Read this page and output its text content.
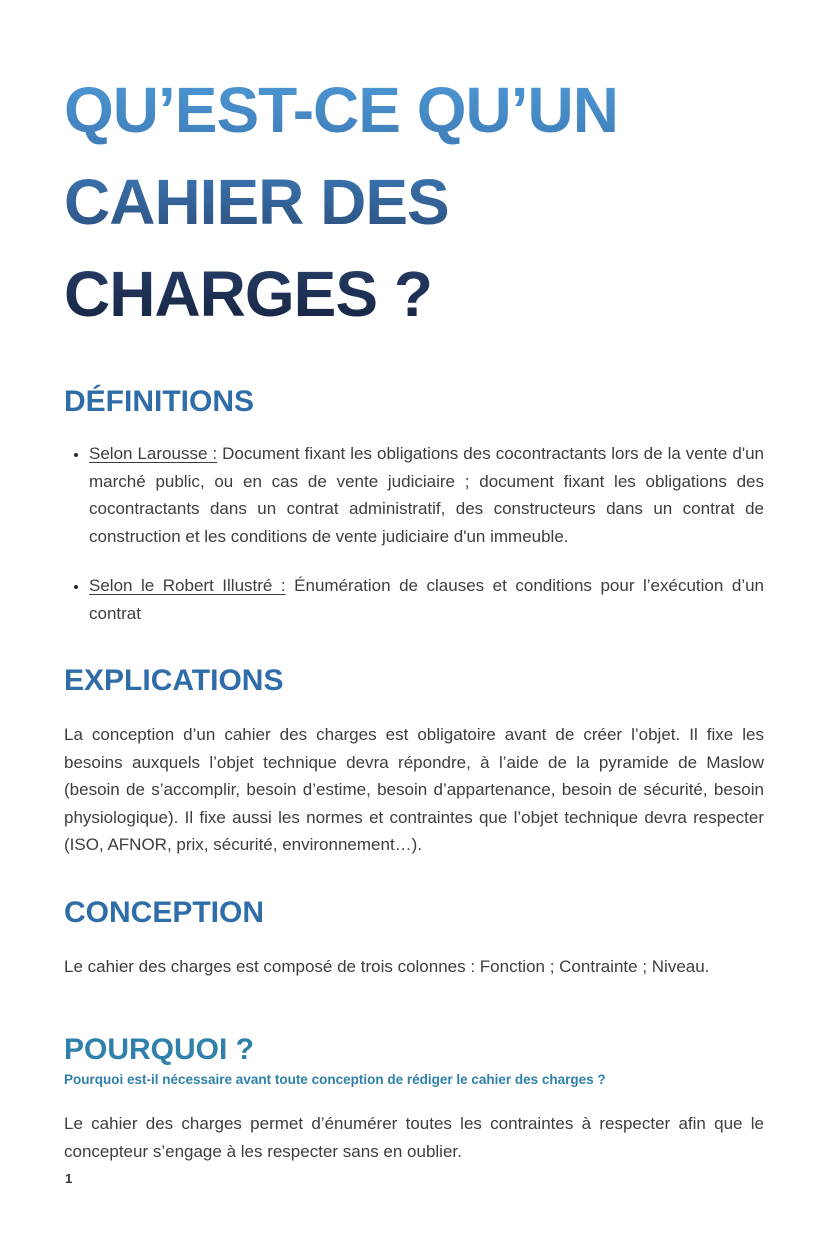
QU’EST-CE QU’UN
CAHIER DES
CHARGES ?
DÉFINITIONS
• Selon Larousse : Document fixant les obligations des cocontractants lors de la vente d'un marché public, ou en cas de vente judiciaire ; document fixant les obligations des cocontractants dans un contrat administratif, des constructeurs dans un contrat de construction et les conditions de vente judiciaire d'un immeuble.
• Selon le Robert Illustré : Énumération de clauses et conditions pour l’exécution d’un contrat
EXPLICATIONS

La conception d’un cahier des charges est obligatoire avant de créer l’objet. Il fixe les besoins auxquels l’objet technique devra répondre, à l’aide de la pyramide de Maslow (besoin de s’accomplir, besoin d’estime, besoin d’appartenance, besoin de sécurité, besoin physiologique). Il fixe aussi les normes et contraintes que l’objet technique devra respecter (ISO, AFNOR, prix, sécurité, environnement…).

CONCEPTION

Le cahier des charges est composé de trois colonnes : Fonction ; Contrainte ; Niveau.

POURQUOI ?

Pourquoi est-il nécessaire avant toute conception de rédiger le cahier des charges ?

Le cahier des charges permet d’énumérer toutes les contraintes à respecter afin que le concepteur s’engage à les respecter sans en oublier.

1
